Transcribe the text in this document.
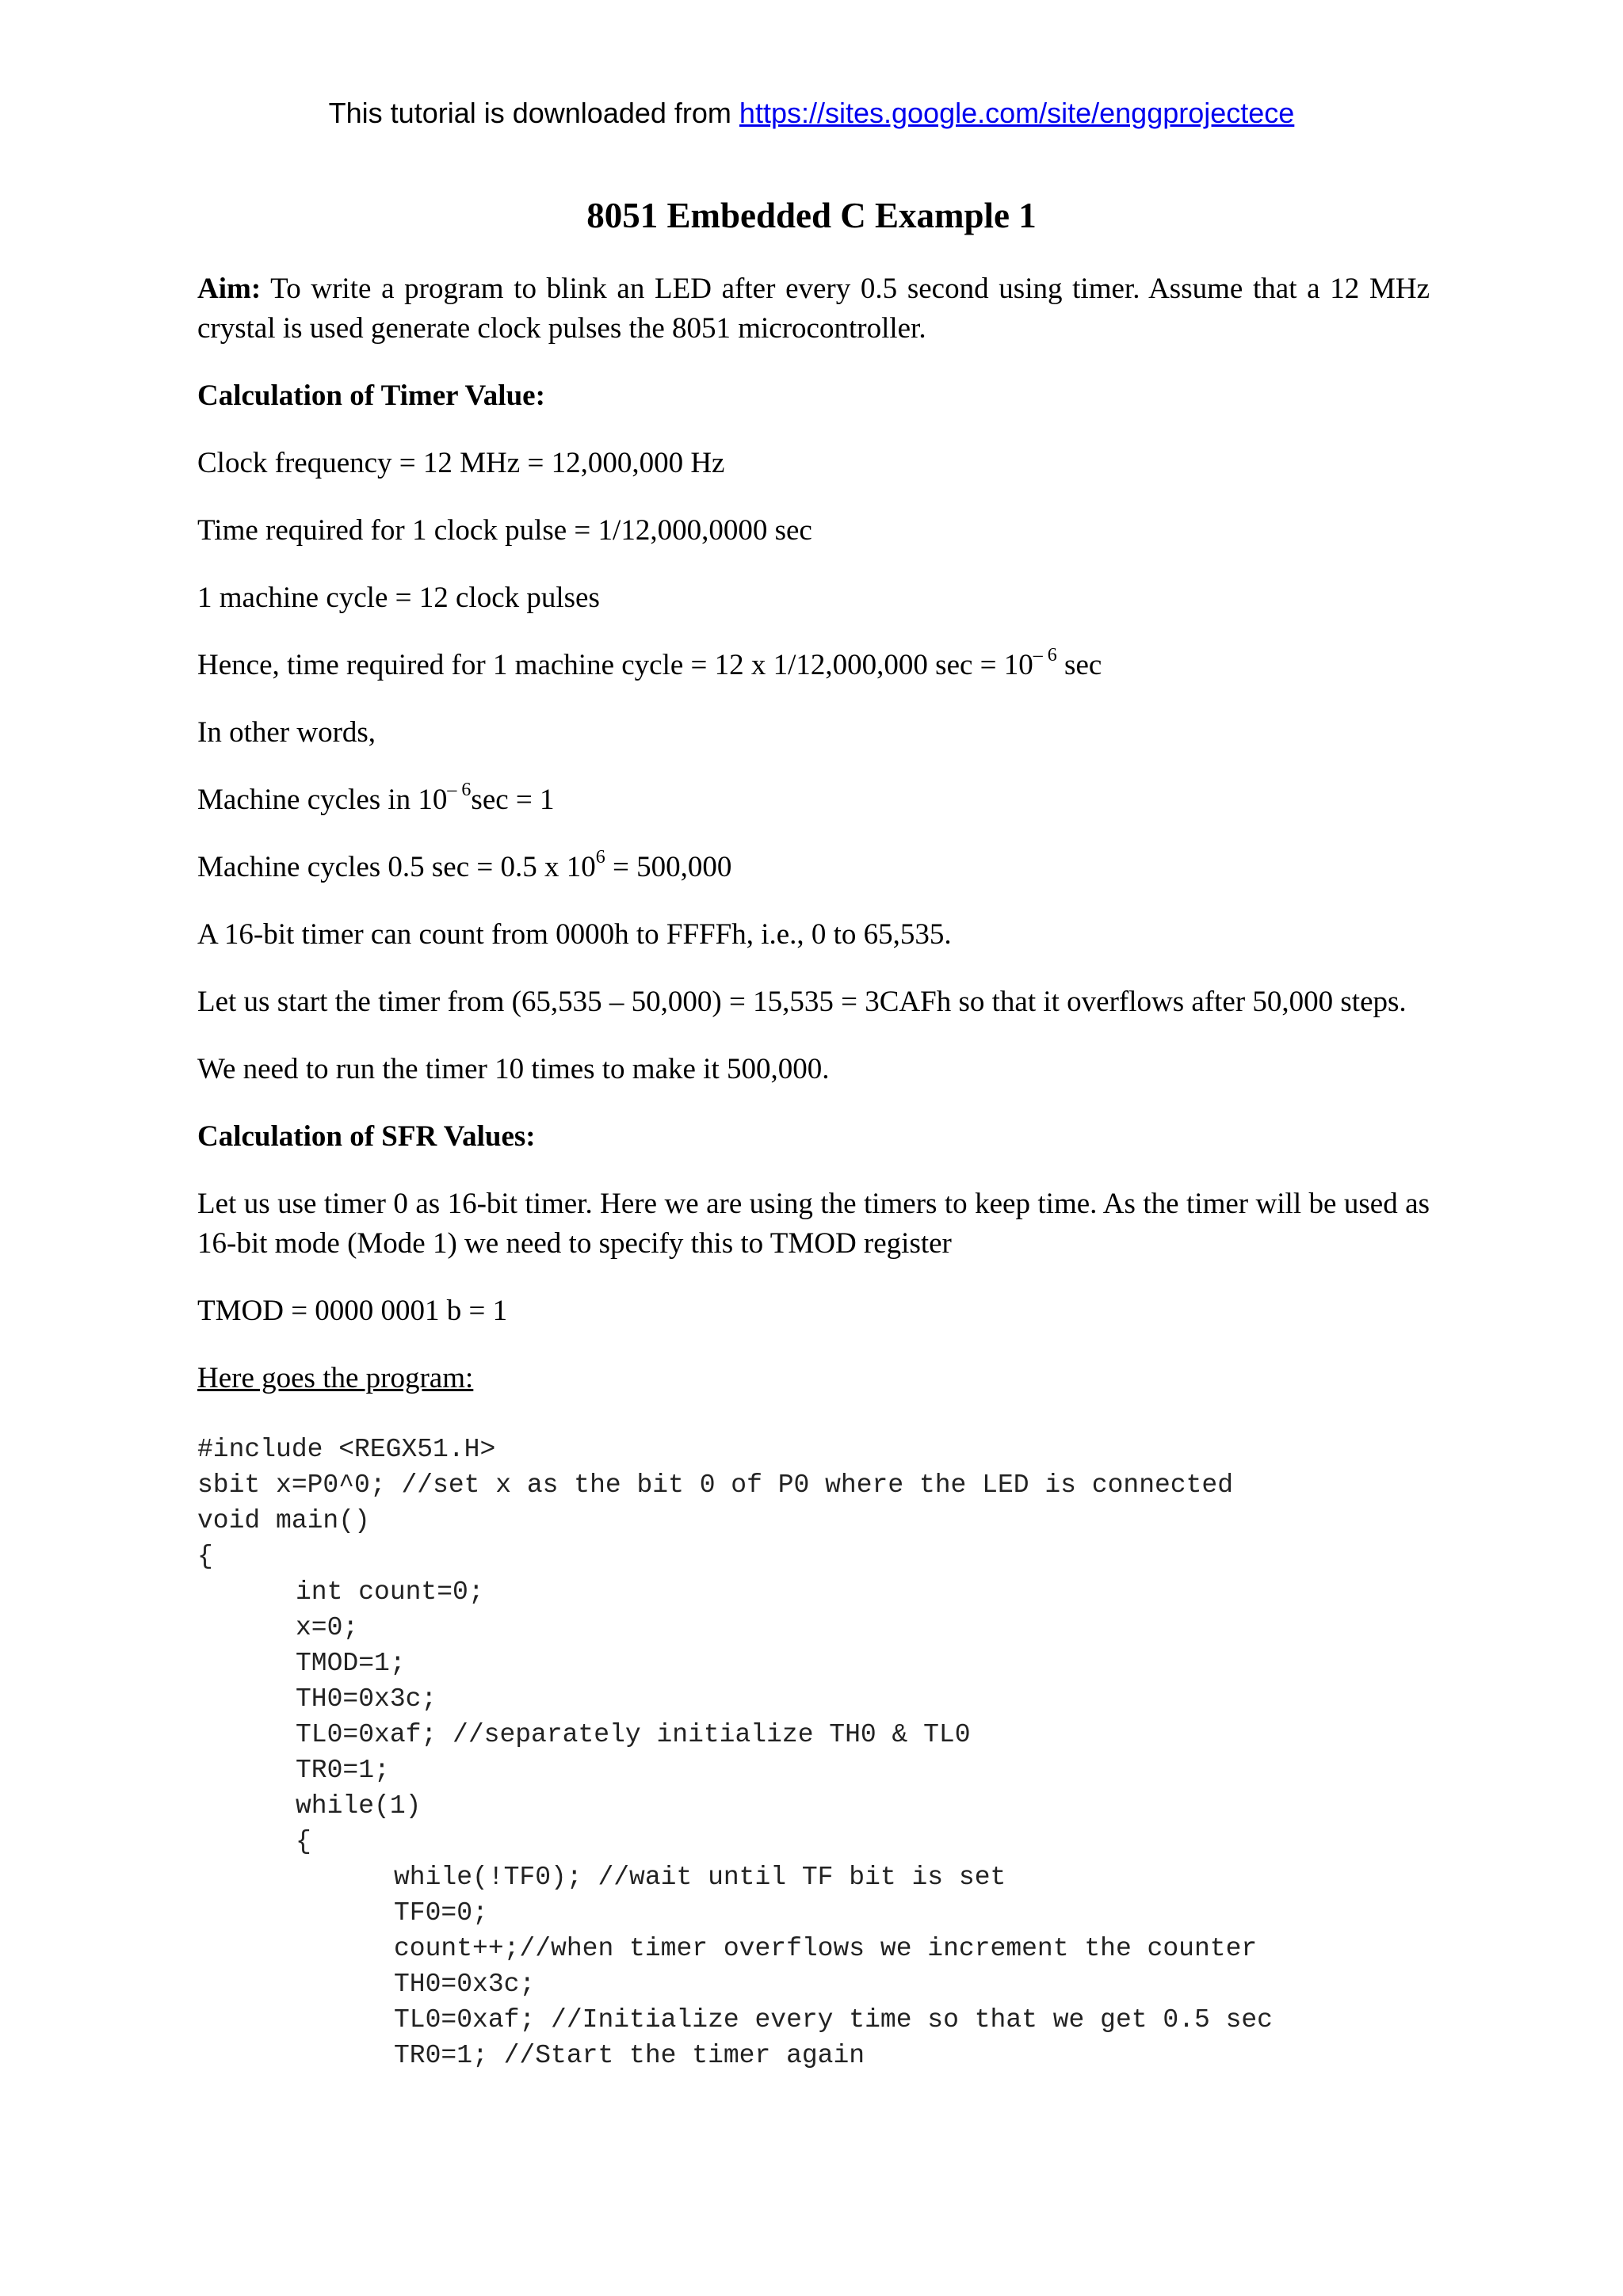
This tutorial is downloaded from https://sites.google.com/site/enggprojectece
8051 Embedded C Example 1

Aim: To write a program to blink an LED after every 0.5 second using timer. Assume that a 12 MHz crystal is used generate clock pulses the 8051 microcontroller.

Calculation of Timer Value:

Clock frequency = 12 MHz = 12,000,000 Hz

Time required for 1 clock pulse = 1/12,000,0000 sec

1 machine cycle = 12 clock pulses

Hence, time required for 1 machine cycle = 12 x 1/12,000,000 $\sec = 10^{- 6}$ sec

In other words,

Machine cycles in $10^{- 6}\sec = 1$

Machine cycles 0.5 sec = 0.5 x $10^6 = 500,000$

A 16-bit timer can count from 0000h to FFFFh, i.e., 0 to 65,535.

Let us start the timer from (65,535 – 50,000) = 15,535 = 3CAFh so that it overflows after 50,000 steps.

We need to run the timer 10 times to make it 500,000.

Calculation of SFR Values:

Let us use timer 0 as 16-bit timer. Here we are using the timers to keep time. As the timer will be used as 16-bit mode (Mode 1) we need to specify this to TMOD register

TMOD = 0000 0001 b = 1

Here goes the program:

#include <REGX51.H>
sbit x=P0^0; //set x as the bit 0 of P0 where the LED is connected
void main()
{
int count=0;
x=0;
TMOD=1;
TH0=0x3c;
TL0=0xaf; //separately initialize TH0 & TL0
TR0=1;
while(1)
{
while(!TF0); //wait until TF bit is set
TF0=0;
count++;//when timer overflows we increment the counter
TH0=0x3c;
TL0=0xaf; //Initialize every time so that we get 0.5 sec
TR0=1; //Start the timer again
